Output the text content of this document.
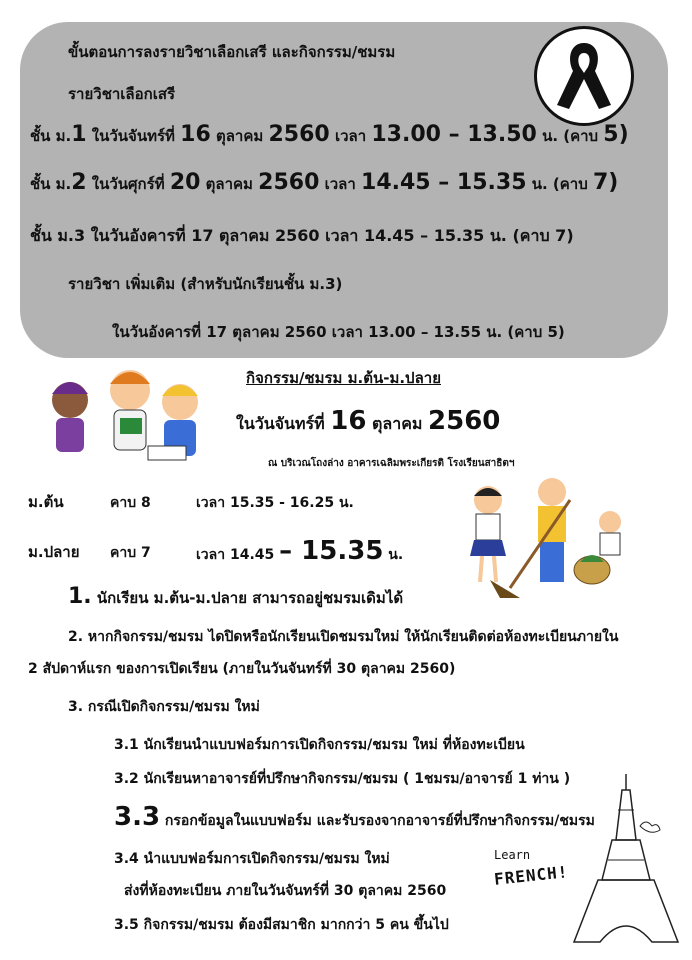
ขั้นตอนการลงรายวิชาเลือกเสรี และกิจกรรม/ชมรม
รายวิชาเลือกเสรี
ชั้น ม.1 ในวันจันทร์ที่ 16 ตุลาคม 2560 เวลา 13.00 – 13.50 น. (คาบ 5)
ชั้น ม.2 ในวันศุกร์ที่ 20 ตุลาคม 2560 เวลา 14.45 – 15.35 น. (คาบ 7)
ชั้น ม.3 ในวันอังคารที่ 17 ตุลาคม 2560 เวลา 14.45 – 15.35 น. (คาบ 7)
รายวิชา เพิ่มเติม (สำหรับนักเรียนชั้น ม.3)
ในวันอังคารที่ 17 ตุลาคม 2560 เวลา 13.00 – 13.55 น. (คาบ 5)
กิจกรรม/ชมรม ม.ต้น-ม.ปลาย
ในวันจันทร์ที่ 16 ตุลาคม 2560
ณ บริเวณโถงล่าง อาคารเฉลิมพระเกียรติ โรงเรียนสาธิตฯ
ม.ต้น	คาบ 8	เวลา 15.35 - 16.25 น.
ม.ปลาย คาบ 7	เวลา 14.45 – 15.35 น.
1. นักเรียน ม.ต้น-ม.ปลาย สามารถอยู่ชมรมเดิมได้
2. หากกิจกรรม/ชมรม ไดปิดหรือนักเรียนเปิดชมรมใหม่ ให้นักเรียนติดต่อห้องทะเบียนภายใน
2 สัปดาห์แรก ของการเปิดเรียน (ภายในวันจันทร์ที่ 30 ตุลาคม 2560)
3. กรณีเปิดกิจกรรม/ชมรม ใหม่
3.1 นักเรียนนำแบบฟอร์มการเปิดกิจกรรม/ชมรม ใหม่ ที่ห้องทะเบียน
3.2 นักเรียนหาอาจารย์ที่ปรึกษากิจกรรม/ชมรม ( 1ชมรม/อาจารย์ 1 ท่าน )
3.3 กรอกข้อมูลในแบบฟอร์ม และรับรองจากอาจารย์ที่ปรึกษากิจกรรม/ชมรม
3.4 นำแบบฟอร์มการเปิดกิจกรรม/ชมรม ใหม่
ส่งที่ห้องทะเบียน ภายในวันจันทร์ที่ 30 ตุลาคม 2560
3.5 กิจกรรม/ชมรม ต้องมีสมาชิก มากกว่า 5 คน ขึ้นไป
Learn
FRENCH!
